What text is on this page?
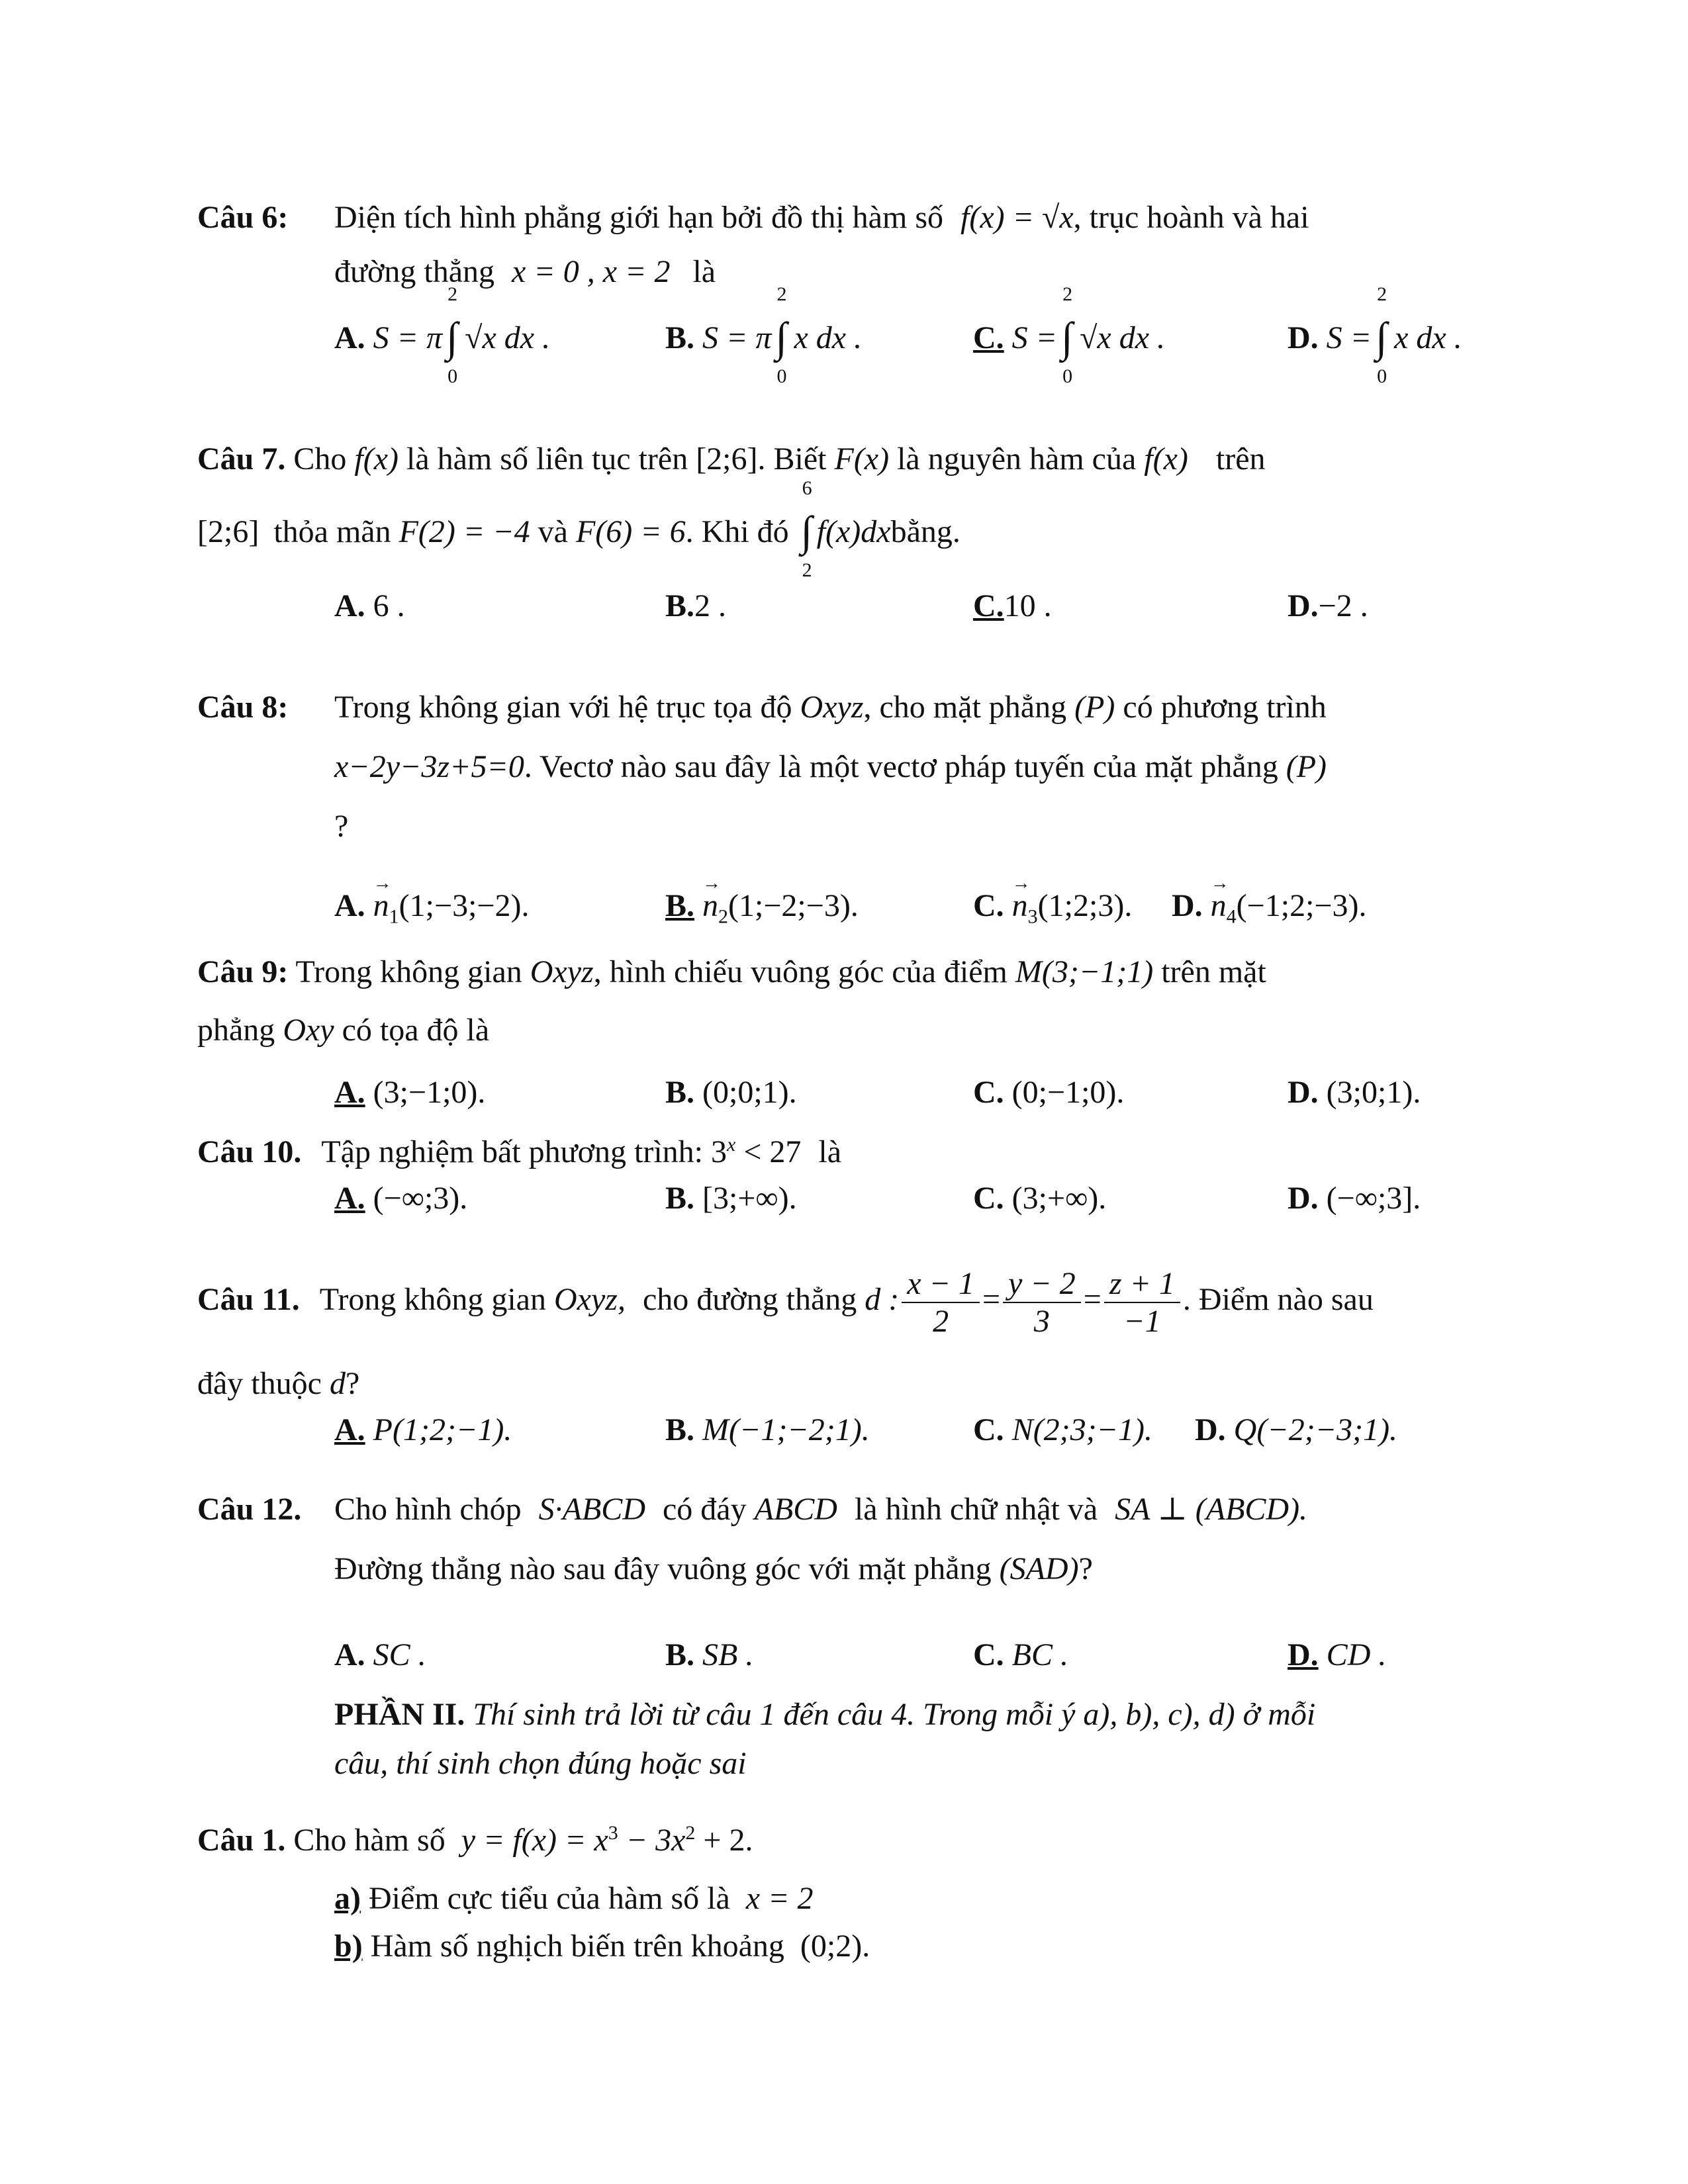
Câu 6: Diện tích hình phẳng giới hạn bởi đồ thị hàm số f(x) = √x, trục hoành và hai
đường thẳng x = 0 , x = 2 là
A. S = π
2
∫
0
√x dx .	B. S = π
2
∫
0
x dx .	C. S =
2
∫
0
√x dx .	D. S =
2
∫
0
x dx .
Câu 7. Cho f(x) là hàm số liên tục trên [2;6]. Biết F(x) là nguyên hàm của f(x) trên
[2;6] thỏa mãn F(2) = −4 và F(6) = 6. Khi đó
6
∫
2
f(x)dxbằng.
A. 6 .	B.2 .	C.10 .	D.−2 .
Câu 8: Trong không gian với hệ trục tọa độ Oxyz, cho mặt phẳng (P) có phương trình
x−2y−3z+5=0. Vectơ nào sau đây là một vectơ pháp tuyến của mặt phẳng (P)
?
A. → $n_1(1;-3;-2)$.	B. → $n_2(1;-2;-3)$.	C. → $n_3(1;2;3)$. D. → $n_4(-1;2;-3)$.
Câu 9: Trong không gian Oxyz, hình chiếu vuông góc của điểm M(3;−1;1) trên mặt
phẳng Oxy có tọa độ là
A. (3;−1;0).	B. (0;0;1).	C. (0;−1;0).	D. (3;0;1).
Câu 10. Tập nghiệm bất phương trình: $3^x < 27$ là
A. (−∞;3).	B. [3;+∞).	C. (3;+∞).	D. (−∞;3].
Câu 11. Trong không gian Oxyz, cho đường thẳng d : $\frac{x - 1}{2} = \frac{y - 2}{3} = \frac{z + 1}{-1}$ . Điểm nào sau
đây thuộc d?
A. P(1;2;−1).	B. M(−1;−2;1).	C. N(2;3;−1). D. Q(−2;−3;1).
Câu 12. Cho hình chóp S·ABCD có đáy ABCD là hình chữ nhật và SA ⊥ (ABCD).
Đường thẳng nào sau đây vuông góc với mặt phẳng (SAD)?
A. SC .	B. SB .	C. BC .	D. CD .
PHẦN II. Thí sinh trả lời từ câu 1 đến câu 4. Trong mỗi ý a), b), c), d) ở mỗi
câu, thí sinh chọn đúng hoặc sai
Câu 1. Cho hàm số $y = f(x) = x^3 - 3x^2 + 2$.
a) Điểm cực tiểu của hàm số là x = 2
b) Hàm số nghịch biến trên khoảng (0;2).
